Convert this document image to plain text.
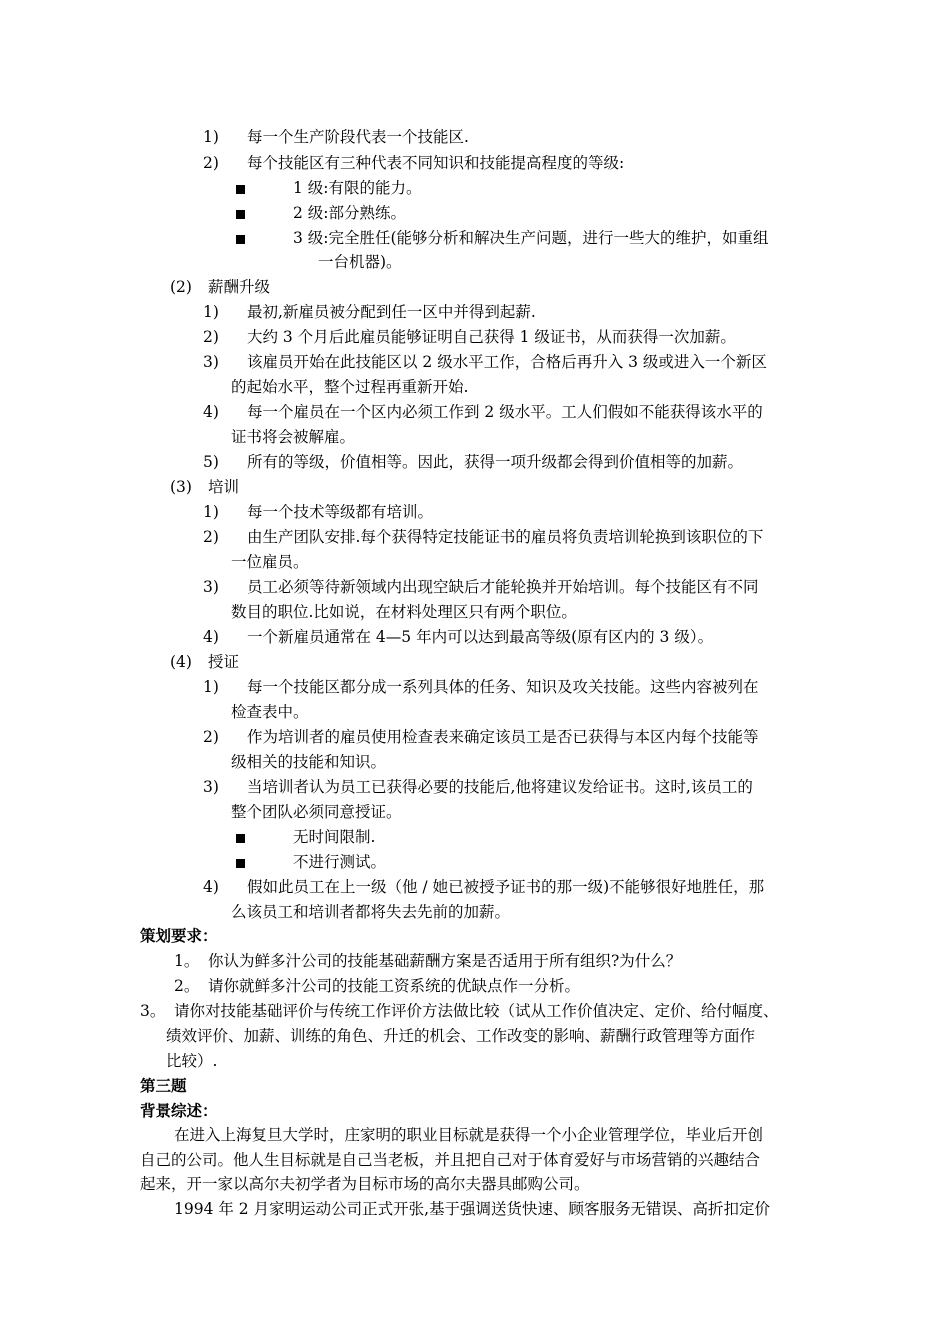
1) 每一个生产阶段代表一个技能区.
2) 每个技能区有三种代表不同知识和技能提高程度的等级:
1 级:有限的能力。
2 级:部分熟练。
3 级:完全胜任(能够分析和解决生产问题，进行一些大的维护，如重组
一台机器)。
(2) 薪酬升级
1) 最初,新雇员被分配到任一区中并得到起薪.
2) 大约 3 个月后此雇员能够证明自己获得 1 级证书，从而获得一次加薪。
3) 该雇员开始在此技能区以 2 级水平工作，合格后再升入 3 级或进入一个新区
的起始水平，整个过程再重新开始.
4) 每一个雇员在一个区内必须工作到 2 级水平。工人们假如不能获得该水平的
证书将会被解雇。
5) 所有的等级，价值相等。因此，获得一项升级都会得到价值相等的加薪。
(3) 培训
1) 每一个技术等级都有培训。
2) 由生产团队安排.每个获得特定技能证书的雇员将负责培训轮换到该职位的下
一位雇员。
3) 员工必须等待新领域内出现空缺后才能轮换并开始培训。每个技能区有不同
数目的职位.比如说，在材料处理区只有两个职位。
4) 一个新雇员通常在 4—5 年内可以达到最高等级(原有区内的 3 级）。
(4) 授证
1) 每一个技能区都分成一系列具体的任务、知识及攻关技能。这些内容被列在
检查表中。
2) 作为培训者的雇员使用检查表来确定该员工是否已获得与本区内每个技能等
级相关的技能和知识。
3) 当培训者认为员工已获得必要的技能后,他将建议发给证书。这时,该员工的
整个团队必须同意授证。
无时间限制.
不进行测试。
4) 假如此员工在上一级（他 / 她已被授予证书的那一级)不能够很好地胜任，那
么该员工和培训者都将失去先前的加薪。
策划要求：
1。 你认为鲜多汁公司的技能基础薪酬方案是否适用于所有组织?为什么？
2。 请你就鲜多汁公司的技能工资系统的优缺点作一分析。
3。 请你对技能基础评价与传统工作评价方法做比较（试从工作价值决定、定价、给付幅度、
绩效评价、加薪、训练的角色、升迁的机会、工作改变的影响、薪酬行政管理等方面作
比较）.
第三题
背景综述：
在进入上海复旦大学时，庄家明的职业目标就是获得一个小企业管理学位，毕业后开创
自己的公司。他人生目标就是自己当老板，并且把自己对于体育爱好与市场营销的兴趣结合
起来，开一家以高尔夫初学者为目标市场的高尔夫器具邮购公司。
1994 年 2 月家明运动公司正式开张,基于强调送货快速、顾客服务无错误、高折扣定价
